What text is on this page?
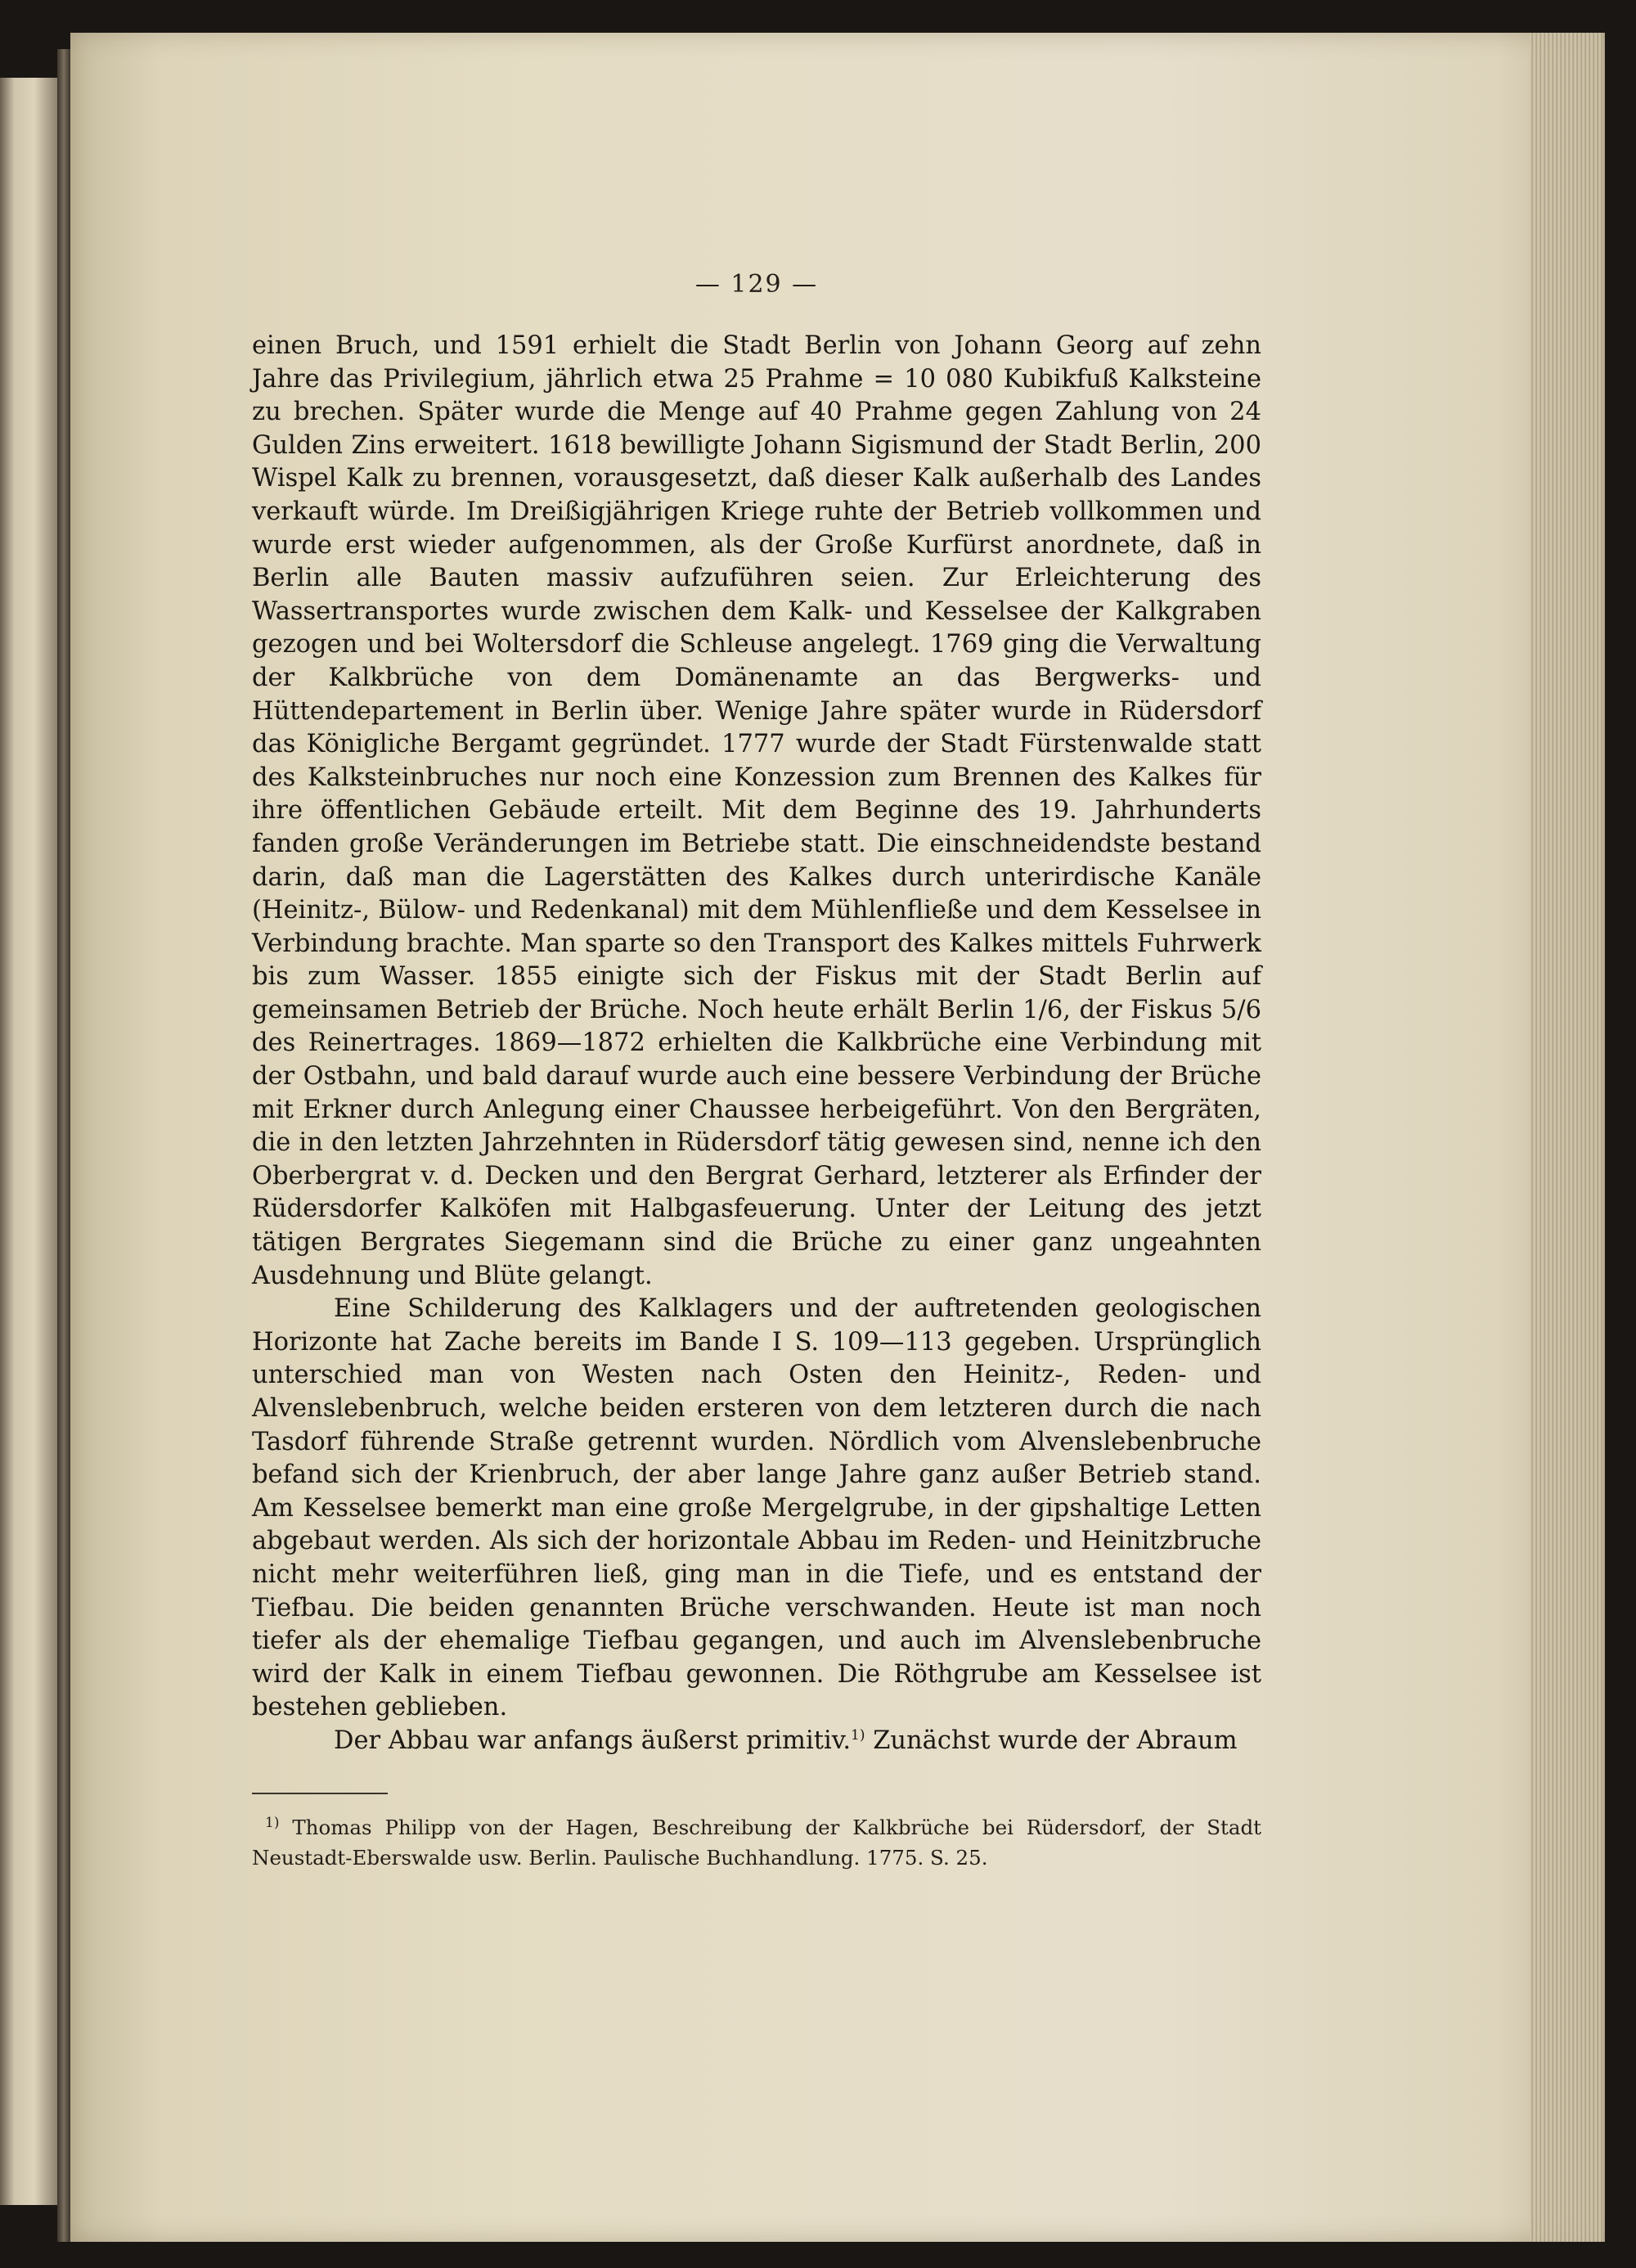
— 129 —

einen Bruch, und 1591 erhielt die Stadt Berlin von Johann Georg auf zehn Jahre das Privilegium, jährlich etwa 25 Prahme = 10 080 Kubikfuß Kalksteine zu brechen. Später wurde die Menge auf 40 Prahme gegen Zahlung von 24 Gulden Zins erweitert. 1618 bewilligte Johann Sigismund der Stadt Berlin, 200 Wispel Kalk zu brennen, vorausgesetzt, daß dieser Kalk außerhalb des Landes verkauft würde. Im Dreißigjährigen Kriege ruhte der Betrieb vollkommen und wurde erst wieder aufgenommen, als der Große Kurfürst anordnete, daß in Berlin alle Bauten massiv aufzuführen seien. Zur Erleichterung des Wassertransportes wurde zwischen dem Kalk- und Kesselsee der Kalkgraben gezogen und bei Woltersdorf die Schleuse angelegt. 1769 ging die Verwaltung der Kalkbrüche von dem Domänenamte an das Bergwerks- und Hüttendepartement in Berlin über. Wenige Jahre später wurde in Rüdersdorf das Königliche Bergamt gegründet. 1777 wurde der Stadt Fürstenwalde statt des Kalksteinbruches nur noch eine Konzession zum Brennen des Kalkes für ihre öffentlichen Gebäude erteilt. Mit dem Beginne des 19. Jahrhunderts fanden große Veränderungen im Betriebe statt. Die einschneidendste bestand darin, daß man die Lagerstätten des Kalkes durch unterirdische Kanäle (Heinitz-, Bülow- und Redenkanal) mit dem Mühlenfließe und dem Kesselsee in Verbindung brachte. Man sparte so den Transport des Kalkes mittels Fuhrwerk bis zum Wasser. 1855 einigte sich der Fiskus mit der Stadt Berlin auf gemeinsamen Betrieb der Brüche. Noch heute erhält Berlin 1/6, der Fiskus 5/6 des Reinertrages. 1869—1872 erhielten die Kalkbrüche eine Verbindung mit der Ostbahn, und bald darauf wurde auch eine bessere Verbindung der Brüche mit Erkner durch Anlegung einer Chaussee herbeigeführt. Von den Bergräten, die in den letzten Jahrzehnten in Rüdersdorf tätig gewesen sind, nenne ich den Oberbergrat v. d. Decken und den Bergrat Gerhard, letzterer als Erfinder der Rüdersdorfer Kalköfen mit Halbgasfeuerung. Unter der Leitung des jetzt tätigen Bergrates Siegemann sind die Brüche zu einer ganz ungeahnten Ausdehnung und Blüte gelangt.

Eine Schilderung des Kalklagers und der auftretenden geologischen Horizonte hat Zache bereits im Bande I S. 109—113 gegeben. Ursprünglich unterschied man von Westen nach Osten den Heinitz-, Reden- und Alvenslebenbruch, welche beiden ersteren von dem letzteren durch die nach Tasdorf führende Straße getrennt wurden. Nördlich vom Alvenslebenbruche befand sich der Krienbruch, der aber lange Jahre ganz außer Betrieb stand. Am Kesselsee bemerkt man eine große Mergelgrube, in der gipshaltige Letten abgebaut werden. Als sich der horizontale Abbau im Reden- und Heinitzbruche nicht mehr weiterführen ließ, ging man in die Tiefe, und es entstand der Tiefbau. Die beiden genannten Brüche verschwanden. Heute ist man noch tiefer als der ehemalige Tiefbau gegangen, und auch im Alvenslebenbruche wird der Kalk in einem Tiefbau gewonnen. Die Röthgrube am Kesselsee ist bestehen geblieben.

Der Abbau war anfangs äußerst primitiv.$^{1)}$ Zunächst wurde der Abraum

$^{1)}$ Thomas Philipp von der Hagen, Beschreibung der Kalkbrüche bei Rüdersdorf, der Stadt Neustadt-Eberswalde usw. Berlin. Paulische Buchhandlung. 1775. S. 25.
